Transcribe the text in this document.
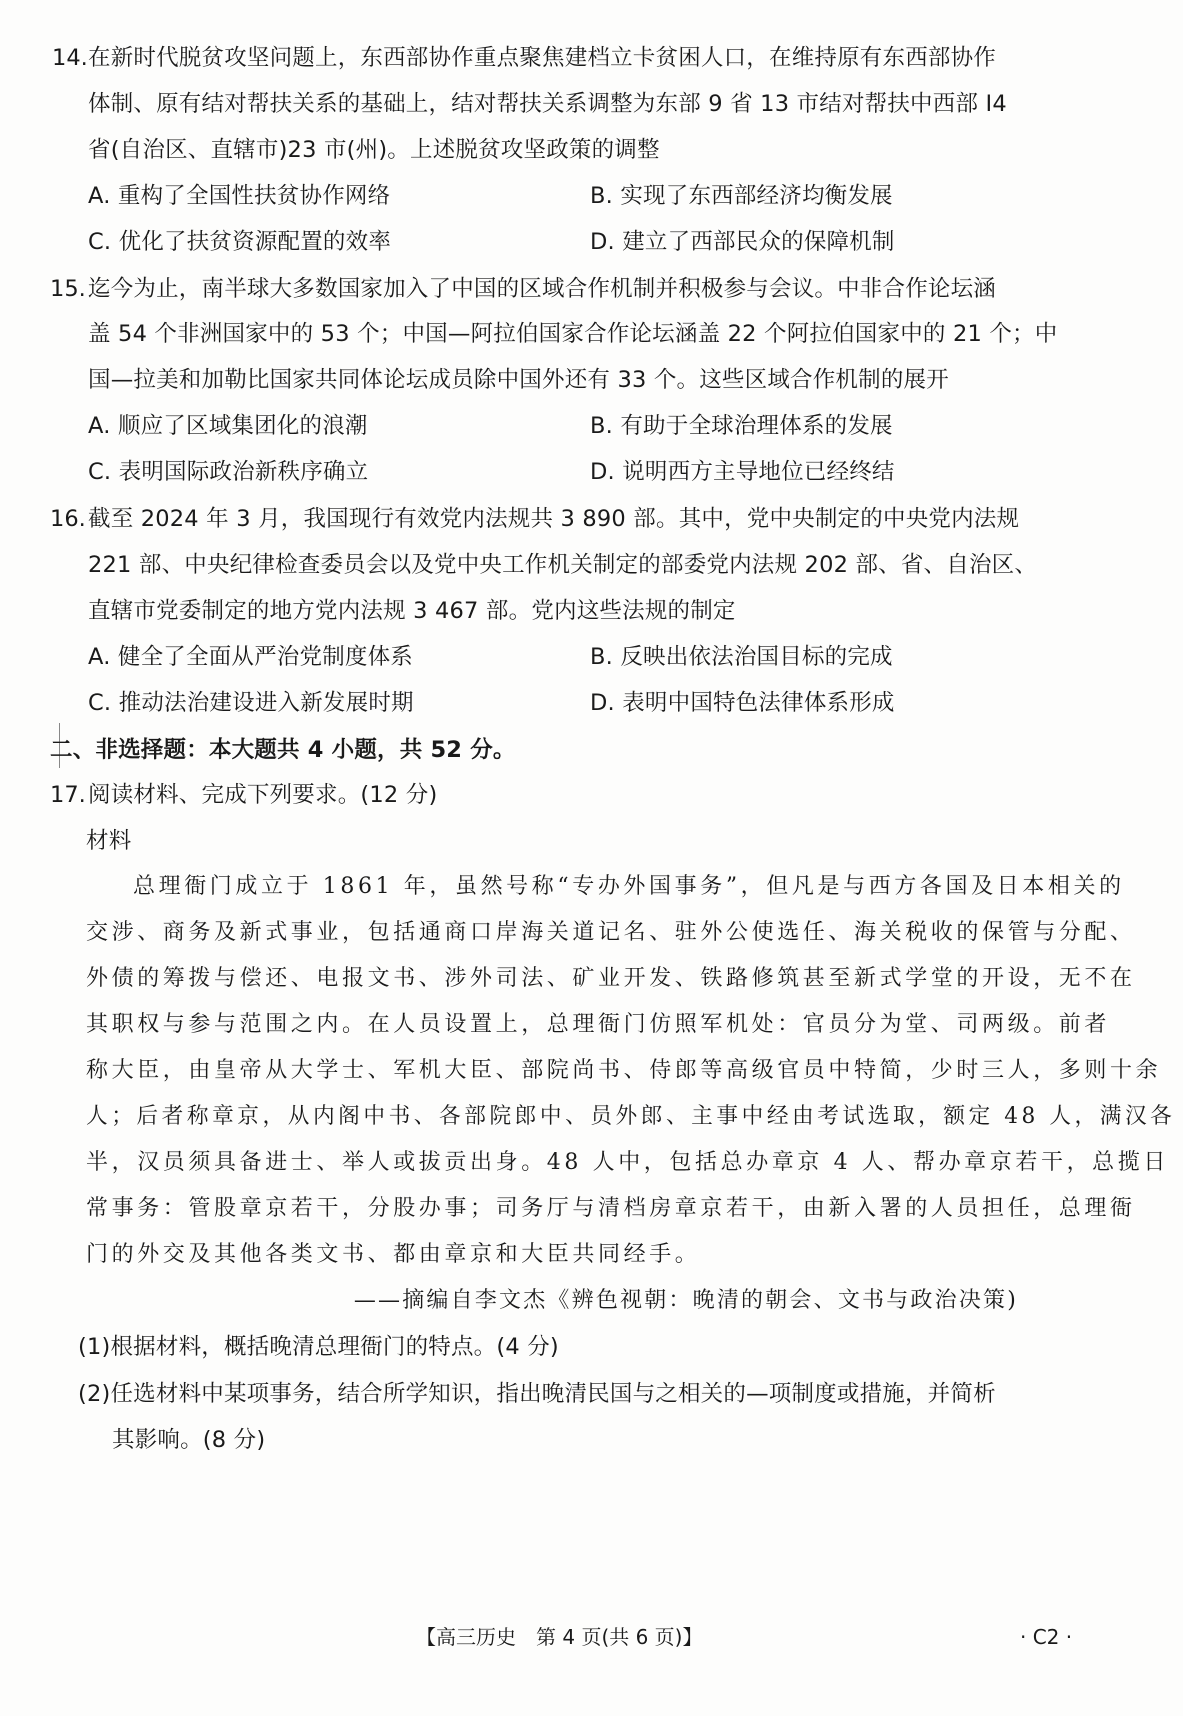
14. 在新时代脱贫攻坚问题上，东西部协作重点聚焦建档立卡贫困人口，在维持原有东西部协作
体制、原有结对帮扶关系的基础上，结对帮扶关系调整为东部 9 省 13 市结对帮扶中西部 Ⅰ4
省(自治区、直辖市)23 市(州)。上述脱贫攻坚政策的调整
A. 重构了全国性扶贫协作网络	B. 实现了东西部经济均衡发展
C. 优化了扶贫资源配置的效率	D. 建立了西部民众的保障机制
15. 迄今为止，南半球大多数国家加入了中国的区域合作机制并积极参与会议。中非合作论坛涵
盖 54 个非洲国家中的 53 个；中国—阿拉伯国家合作论坛涵盖 22 个阿拉伯国家中的 21 个；中
国—拉美和加勒比国家共同体论坛成员除中国外还有 33 个。这些区域合作机制的展开
A. 顺应了区域集团化的浪潮	B. 有助于全球治理体系的发展
C. 表明国际政治新秩序确立	D. 说明西方主导地位已经终结
16. 截至 2024 年 3 月，我国现行有效党内法规共 3 890 部。其中，党中央制定的中央党内法规
221 部、中央纪律检查委员会以及党中央工作机关制定的部委党内法规 202 部、省、自治区、
直辖市党委制定的地方党内法规 3 467 部。党内这些法规的制定
A. 健全了全面从严治党制度体系	B. 反映出依法治国目标的完成
C. 推动法治建设进入新发展时期	D. 表明中国特色法律体系形成
二、非选择题：本大题共 4 小题，共 52 分。
17. 阅读材料、完成下列要求。(12 分)
材料
总理衙门成立于 1861 年，虽然号称“专办外国事务”，但凡是与西方各国及日本相关的
交涉、商务及新式事业，包括通商口岸海关道记名、驻外公使选任、海关税收的保管与分配、
外债的筹拨与偿还、电报文书、涉外司法、矿业开发、铁路修筑甚至新式学堂的开设，无不在
其职权与参与范围之内。在人员设置上，总理衙门仿照军机处：官员分为堂、司两级。前者
称大臣，由皇帝从大学士、军机大臣、部院尚书、侍郎等高级官员中特简，少时三人，多则十余
人；后者称章京，从内阁中书、各部院郎中、员外郎、主事中经由考试选取，额定 48 人，满汉各
半，汉员须具备进士、举人或拔贡出身。48 人中，包括总办章京 4 人、帮办章京若干，总揽日
常事务：管股章京若干，分股办事；司务厅与清档房章京若干，由新入署的人员担任，总理衙
门的外交及其他各类文书、都由章京和大臣共同经手。
——摘编自李文杰《辨色视朝：晚清的朝会、文书与政治决策)
(1)根据材料，概括晚清总理衙门的特点。(4 分)
(2)任选材料中某项事务，结合所学知识，指出晚清民国与之相关的—项制度或措施，并简析
其影响。(8 分)
【高三历史　第 4 页(共 6 页)】	· C2 ·
